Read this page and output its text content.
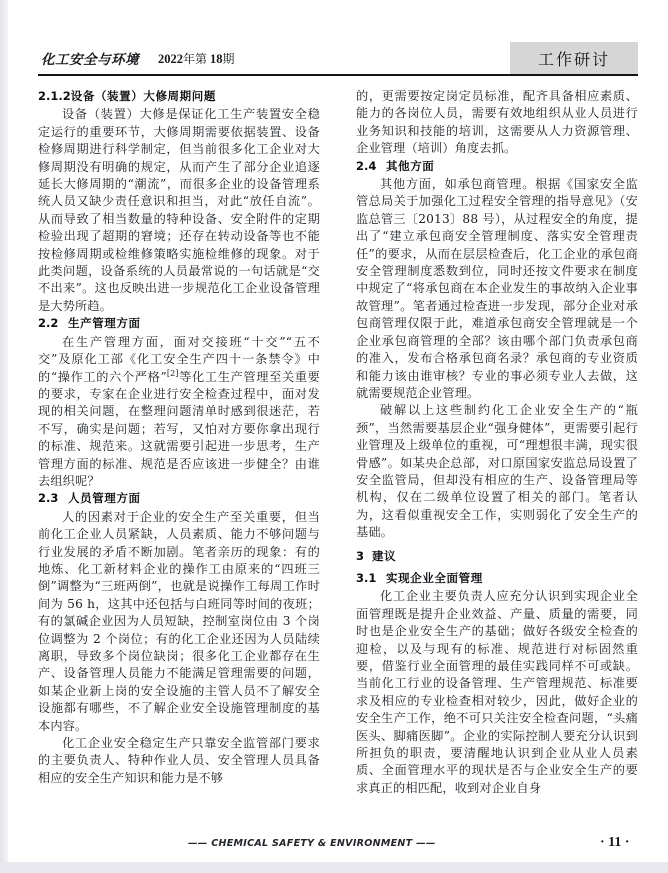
化工安全与环境 2022年第 18期	工作研讨
2.1.2设备（装置）大修周期问题

设备（装置）大修是保证化工生产装置安全稳定运行的重要环节，大修周期需要依据装置、设备检修周期进行科学制定，但当前很多化工企业对大修周期没有明确的规定，从而产生了部分企业追逐延长大修周期的“潮流”，而很多企业的设备管理系统人员又缺少责任意识和担当，对此“放任自流”。从而导致了相当数量的特种设备、安全附件的定期检验出现了超期的窘境；还存在转动设备等也不能按检修周期或检维修策略实施检维修的现象。对于此类问题，设备系统的人员最常说的一句话就是“交不出来”。这也反映出进一步规范化工企业设备管理是大势所趋。

2.2 生产管理方面

在生产管理方面，面对交接班“十交”“五不交”及原化工部《化工安全生产四十一条禁令》中的“操作工的六个严格”[2]等化工生产管理至关重要的要求，专家在企业进行安全检查过程中，面对发现的相关问题，在整理问题清单时感到很迷茫，若不写，确实是问题；若写，又怕对方要你拿出现行的标准、规范来。这就需要引起进一步思考，生产管理方面的标准、规范是否应该进一步健全？由谁去组织呢？

2.3 人员管理方面

人的因素对于企业的安全生产至关重要，但当前化工企业人员紧缺，人员素质、能力不够问题与行业发展的矛盾不断加剧。笔者亲历的现象：有的地炼、化工新材料企业的操作工由原来的“四班三倒”调整为“三班两倒”，也就是说操作工每周工作时间为 56 h，这其中还包括与白班同等时间的夜班；有的氯碱企业因为人员短缺，控制室岗位由 3 个岗位调整为 2 个岗位；有的化工企业还因为人员陆续离职，导致多个岗位缺岗；很多化工企业都存在生产、设备管理人员能力不能满足管理需要的问题，如某企业新上岗的安全设施的主管人员不了解安全设施都有哪些，不了解企业安全设施管理制度的基本内容。

化工企业安全稳定生产只靠安全监管部门要求的主要负责人、特种作业人员、安全管理人员具备相应的安全生产知识和能力是不够

的，更需要按定岗定员标准，配齐具备相应素质、能力的各岗位人员，需要有效地组织从业人员进行业务知识和技能的培训，这需要从人力资源管理、企业管理（培训）角度去抓。

2.4 其他方面

其他方面，如承包商管理。根据《国家安全监管总局关于加强化工过程安全管理的指导意见》（安监总管三〔2013〕88 号），从过程安全的角度，提出了“建立承包商安全管理制度、落实安全管理责任”的要求，从而在层层检查后，化工企业的承包商安全管理制度悉数到位，同时还按文件要求在制度中规定了“将承包商在本企业发生的事故纳入企业事故管理”。笔者通过检查进一步发现，部分企业对承包商管理仅限于此，难道承包商安全管理就是一个企业承包商管理的全部？该由哪个部门负责承包商的准入，发布合格承包商名录？承包商的专业资质和能力该由谁审核？专业的事必须专业人去做，这就需要规范企业管理。

破解以上这些制约化工企业安全生产的“瓶颈”，当然需要基层企业“强身健体”，更需要引起行业管理及上级单位的重视，可“理想很丰满，现实很骨感”。如某央企总部，对口原国家安监总局设置了安全监管局，但却没有相应的生产、设备管理局等机构，仅在二级单位设置了相关的部门。笔者认为，这看似重视安全工作，实则弱化了安全生产的基础。

3 建议
3.1 实现企业全面管理

化工企业主要负责人应充分认识到实现企业全面管理既是提升企业效益、产量、质量的需要，同时也是企业安全生产的基础；做好各级安全检查的迎检，以及与现有的标准、规范进行对标固然重要，借鉴行业全面管理的最佳实践同样不可或缺。当前化工行业的设备管理、生产管理规范、标准要求及相应的专业检查相对较少，因此，做好企业的安全生产工作，绝不可只关注安全检查问题，“头痛医头、脚痛医脚”。企业的实际控制人要充分认识到所担负的职责，要清醒地认识到企业从业人员素质、全面管理水平的现状是否与企业安全生产的要求真正的相匹配，收到对企业自身

—— CHEMICAL SAFETY & ENVIRONMENT ——	· 11 ·
